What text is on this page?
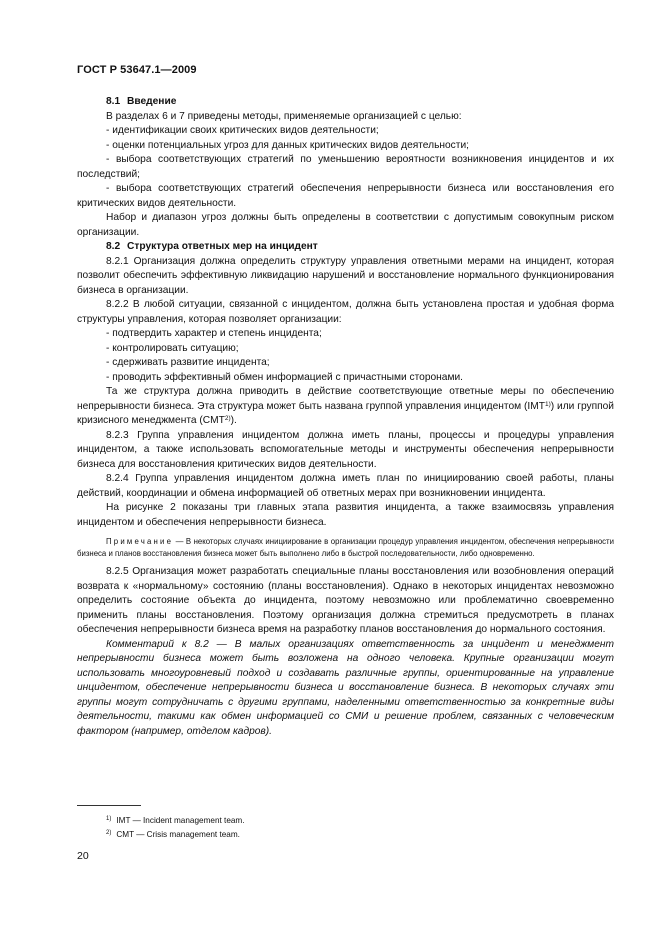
ГОСТ Р 53647.1—2009

8.1 Введение

В разделах 6 и 7 приведены методы, применяемые организацией с целью:

- идентификации своих критических видов деятельности;

- оценки потенциальных угроз для данных критических видов деятельности;

- выбора соответствующих стратегий по уменьшению вероятности возникновения инцидентов и их последствий;

- выбора соответствующих стратегий обеспечения непрерывности бизнеса или восстановления его критических видов деятельности.

Набор и диапазон угроз должны быть определены в соответствии с допустимым совокупным риском организации.

8.2 Структура ответных мер на инцидент

8.2.1 Организация должна определить структуру управления ответными мерами на инцидент, которая позволит обеспечить эффективную ликвидацию нарушений и восстановление нормального функционирования бизнеса в организации.

8.2.2 В любой ситуации, связанной с инцидентом, должна быть установлена простая и удобная форма структуры управления, которая позволяет организации:

- подтвердить характер и степень инцидента;

- контролировать ситуацию;

- сдерживать развитие инцидента;

- проводить эффективный обмен информацией с причастными сторонами.

Та же структура должна приводить в действие соответствующие ответные меры по обеспечению непрерывности бизнеса. Эта структура может быть названа группой управления инцидентом (IMT$^{1)}$) или группой кризисного менеджмента (CMT$^{2)}$).

8.2.3 Группа управления инцидентом должна иметь планы, процессы и процедуры управления инцидентом, а также использовать вспомогательные методы и инструменты обеспечения непрерывности бизнеса для восстановления критических видов деятельности.

8.2.4 Группа управления инцидентом должна иметь план по инициированию своей работы, планы действий, координации и обмена информацией об ответных мерах при возникновении инцидента.

На рисунке 2 показаны три главных этапа развития инцидента, а также взаимосвязь управления инцидентом и обеспечения непрерывности бизнеса.

Примечание — В некоторых случаях инициирование в организации процедур управления инцидентом, обеспечения непрерывности бизнеса и планов восстановления бизнеса может быть выполнено либо в быстрой последовательности, либо одновременно.

8.2.5 Организация может разработать специальные планы восстановления или возобновления операций возврата к «нормальному» состоянию (планы восстановления). Однако в некоторых инцидентах невозможно определить состояние объекта до инцидента, поэтому невозможно или проблематично своевременно применить планы восстановления. Поэтому организация должна стремиться предусмотреть в планах обеспечения непрерывности бизнеса время на разработку планов восстановления до нормального состояния.

Комментарий к 8.2 — В малых организациях ответственность за инцидент и менеджмент непрерывности бизнеса может быть возложена на одного человека. Крупные организации могут использовать многоуровневый подход и создавать различные группы, ориентированные на управление инцидентом, обеспечение непрерывности бизнеса и восстановление бизнеса. В некоторых случаях эти группы могут сотрудничать с другими группами, наделенными ответственностью за конкретные виды деятельности, такими как обмен информацией со СМИ и решение проблем, связанных с человеческим фактором (например, отделом кадров).

$^{1)}$ IMT — Incident management team.
$^{2)}$ CMT — Crisis management team.
20
